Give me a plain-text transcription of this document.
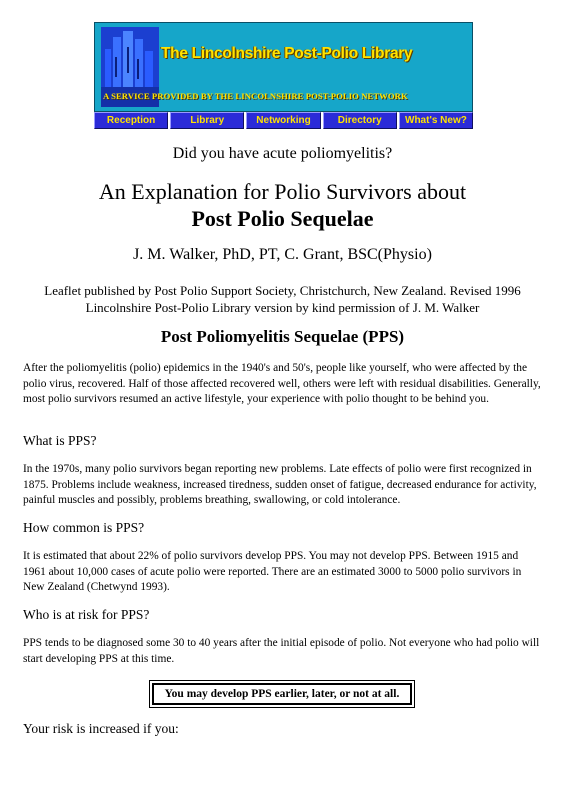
The Lincolnshire Post-Polio Library
A SERVICE PROVIDED BY THE LINCOLNSHIRE POST-POLIO NETWORK
Reception	Library	Networking	Directory	What's New?
Did you have acute poliomyelitis?
An Explanation for Polio Survivors about
Post Polio Sequelae
J. M. Walker, PhD, PT, C. Grant, BSC(Physio)
Leaflet published by Post Polio Support Society, Christchurch, New Zealand. Revised 1996
Lincolnshire Post-Polio Library version by kind permission of J. M. Walker
Post Poliomyelitis Sequelae (PPS)
After the poliomyelitis (polio) epidemics in the 1940's and 50's, people like yourself, who were affected by the polio virus, recovered. Half of those affected recovered well, others were left with residual disabilities. Generally, most polio survivors resumed an active lifestyle, your experience with polio thought to be behind you.
What is PPS?
In the 1970s, many polio survivors began reporting new problems. Late effects of polio were first recognized in 1875. Problems include weakness, increased tiredness, sudden onset of fatigue, decreased endurance for activity, painful muscles and possibly, problems breathing, swallowing, or cold intolerance.
How common is PPS?
It is estimated that about 22% of polio survivors develop PPS. You may not develop PPS. Between 1915 and 1961 about 10,000 cases of acute polio were reported. There are an estimated 3000 to 5000 polio survivors in New Zealand (Chetwynd 1993).
Who is at risk for PPS?
PPS tends to be diagnosed some 30 to 40 years after the initial episode of polio. Not everyone who had polio will start developing PPS at this time.
You may develop PPS earlier, later, or not at all.
Your risk is increased if you:
